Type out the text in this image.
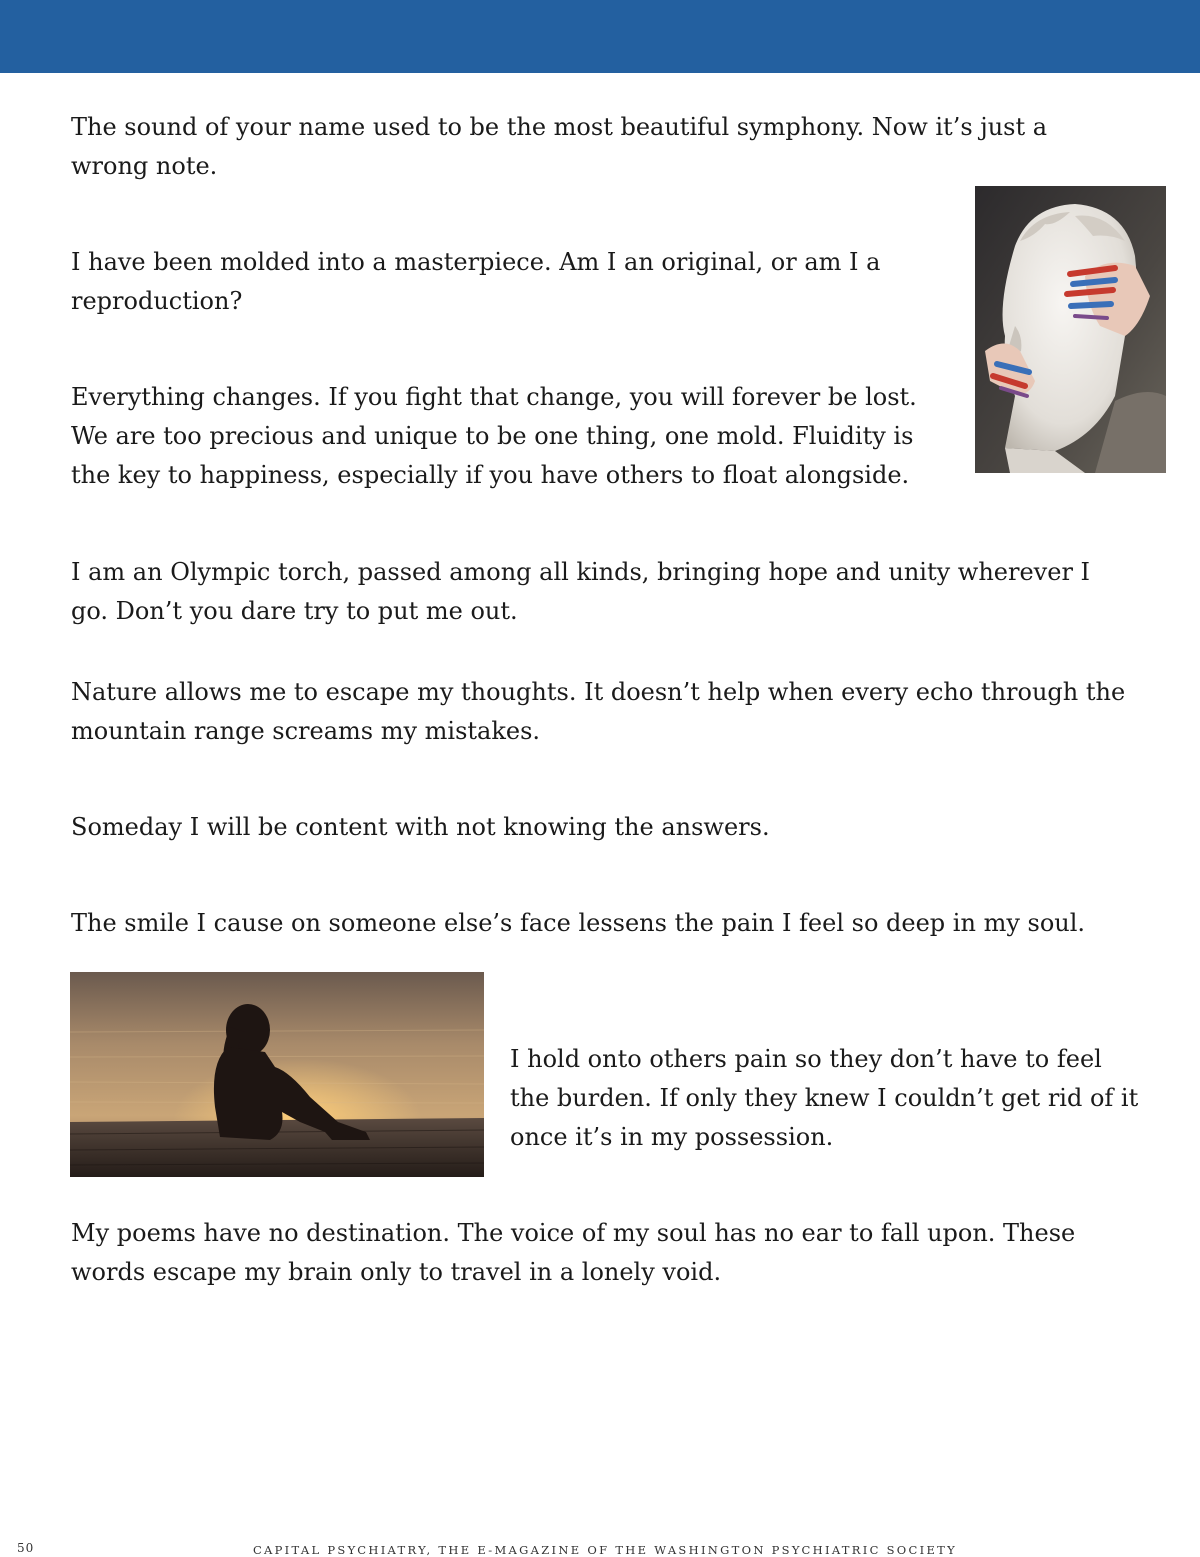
The sound of your name used to be the most beautiful symphony. Now it’s just a wrong note.

I have been molded into a masterpiece. Am I an original, or am I a reproduction?

Everything changes. If you fight that change, you will forever be lost. We are too precious and unique to be one thing, one mold. Fluidity is the key to happiness, especially if you have others to float alongside.

I am an Olympic torch, passed among all kinds, bringing hope and unity wherever I go. Don’t you dare try to put me out.

Nature allows me to escape my thoughts. It doesn’t help when every echo through the mountain range screams my mistakes.

Someday I will be content with not knowing the answers.

The smile I cause on someone else’s face lessens the pain I feel so deep in my soul.

I hold onto others pain so they don’t have to feel the burden. If only they knew I couldn’t get rid of it once it’s in my possession.

My poems have no destination. The voice of my soul has no ear to fall upon. These words escape my brain only to travel in a lonely void.

50	CAPITAL PSYCHIATRY, THE E-MAGAZINE OF THE WASHINGTON PSYCHIATRIC SOCIETY
